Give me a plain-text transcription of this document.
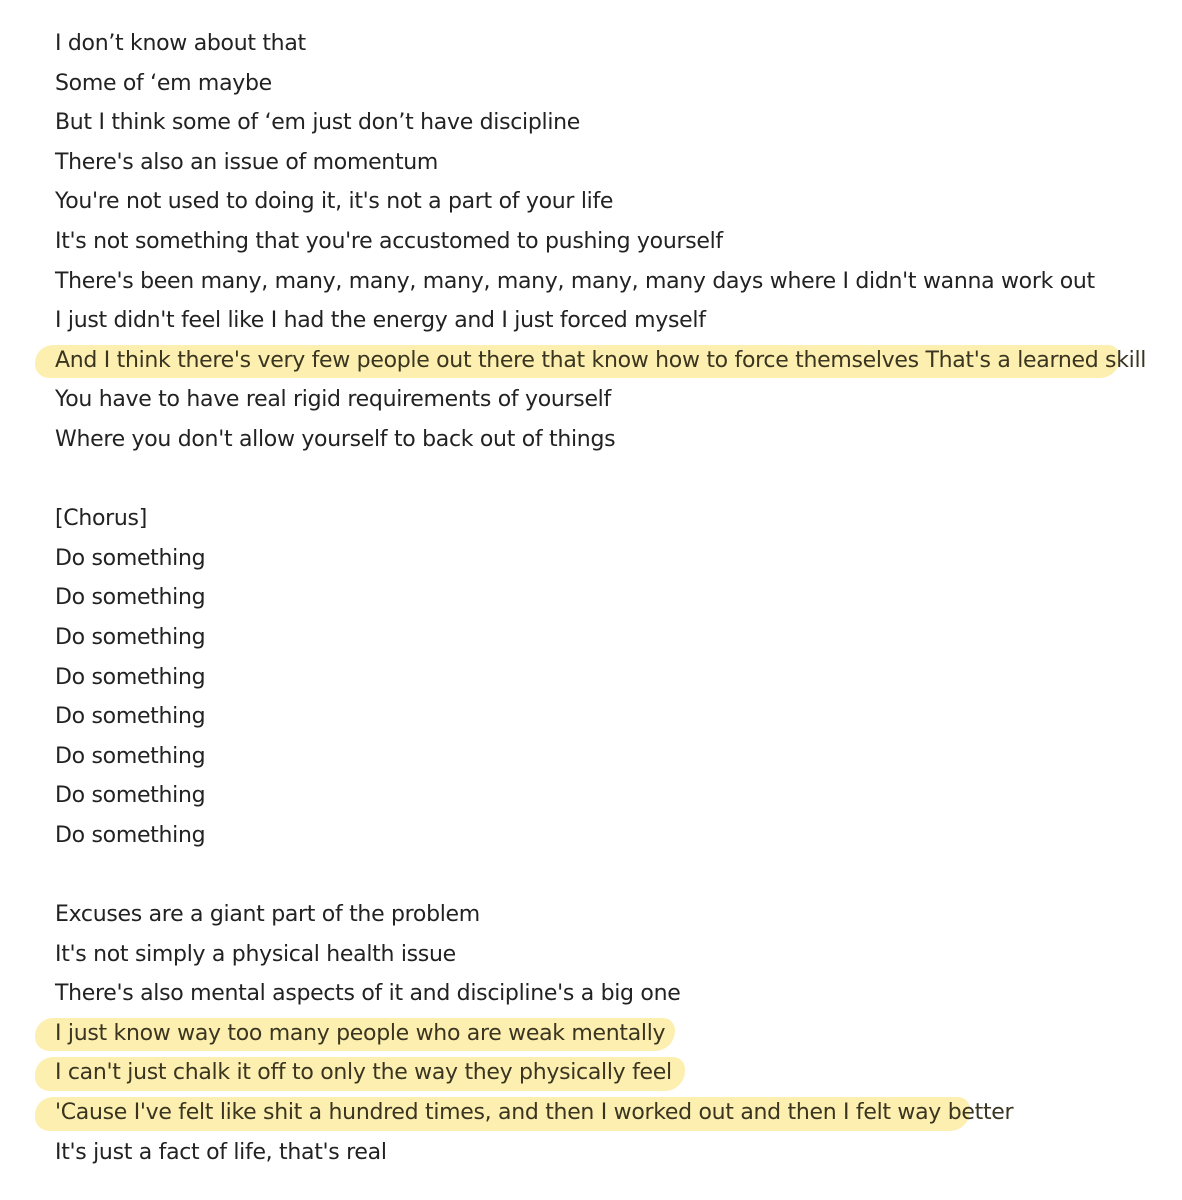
I don’t know about that
Some of ‘em maybe
But I think some of ‘em just don’t have discipline
There's also an issue of momentum
You're not used to doing it, it's not a part of your life
It's not something that you're accustomed to pushing yourself
There's been many, many, many, many, many, many, many days where I didn't wanna work out
I just didn't feel like I had the energy and I just forced myself
And I think there's very few people out there that know how to force themselves That's a learned skill
You have to have real rigid requirements of yourself
Where you don't allow yourself to back out of things
[Chorus]
Do something
Do something
Do something
Do something
Do something
Do something
Do something
Do something
Excuses are a giant part of the problem
It's not simply a physical health issue
There's also mental aspects of it and discipline's a big one
I just know way too many people who are weak mentally
I can't just chalk it off to only the way they physically feel
'Cause I've felt like shit a hundred times, and then I worked out and then I felt way better
It's just a fact of life, that's real
